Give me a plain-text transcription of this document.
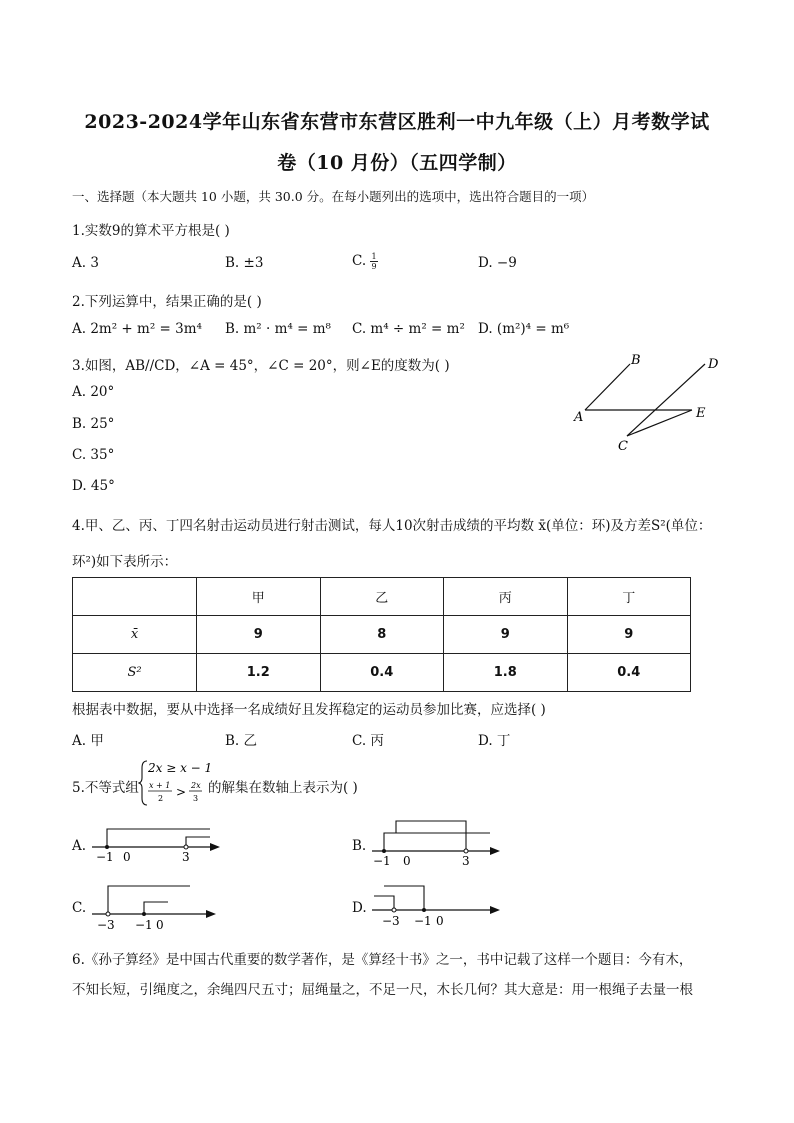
2023-2024学年山东省东营市东营区胜利一中九年级（上）月考数学试
卷（10 月份）（五四学制）
一、选择题（本大题共 10 小题，共 30.0 分。在每小题列出的选项中，选出符合题目的一项）
1.实数9的算术平方根是( )
A. 3	B. ±3	C. $\frac{1}{9}$	D. −9
2.下列运算中，结果正确的是( )
A. 2m² + m² = 3m⁴ B. m² · m⁴ = m⁸ C. m⁴ ÷ m² = m² D. (m²)⁴ = m⁶
3.如图，AB//CD，∠A = 45°，∠C = 20°，则∠E的度数为( )
A. 20°
B. 25°
C. 35°
D. 45°
B	D
A	E
C
4.甲、乙、丙、丁四名射击运动员进行射击测试，每人10次射击成绩的平均数 x̄(单位：环)及方差S²(单位：
环²)如下表所示：
	甲	乙	丙	丁
x̄	9	8	9	9
S²	1.2	0.4	1.8	0.4
根据表中数据，要从中选择一名成绩好且发挥稳定的运动员参加比赛，应选择( )
A. 甲	B. 乙	C. 丙	D. 丁
5.不等式组
2x ≥ x − 1
x + 1
2 > 2x
3
的解集在数轴上表示为( )
A.
−1 0	3
B.
−1 0	3
C.
−3 −1 0
D.
−3 −1 0
6.《孙子算经》是中国古代重要的数学著作，是《算经十书》之一，书中记载了这样一个题目：今有木，
不知长短，引绳度之，余绳四尺五寸；屈绳量之，不足一尺，木长几何？其大意是：用一根绳子去量一根
